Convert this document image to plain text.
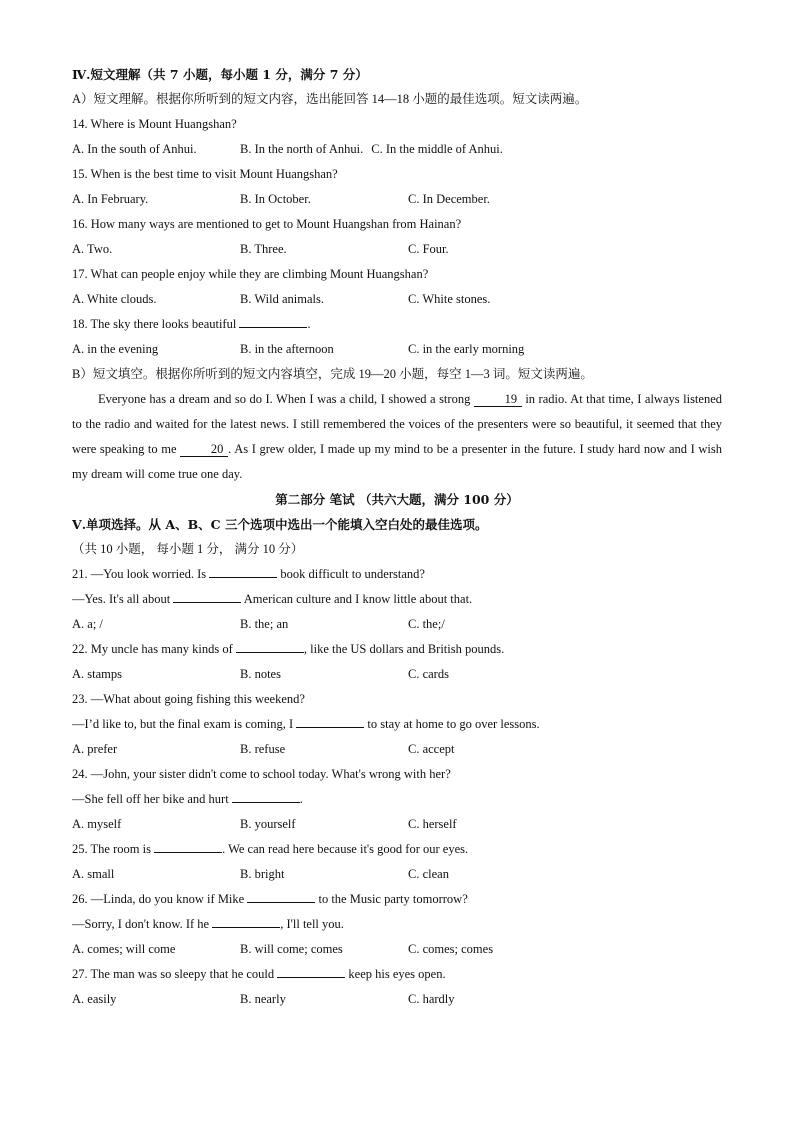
Ⅳ.短文理解（共 7 小题，每小题 1 分，满分 7 分）
A）短文理解。根据你所听到的短文内容，选出能回答 14—18 小题的最佳选项。短文读两遍。
14. Where is Mount Huangshan?
A. In the south of Anhui.	B. In the north of Anhui. C. In the middle of Anhui.
15. When is the best time to visit Mount Huangshan?
A. In February.	B. In October.	C. In December.
16. How many ways are mentioned to get to Mount Huangshan from Hainan?
A. Two.	B. Three.	C. Four.
17. What can people enjoy while they are climbing Mount Huangshan?
A. White clouds.	B. Wild animals.	C. White stones.
18. The sky there looks beautiful	.
A. in the evening	B. in the afternoon	C. in the early morning
B）短文填空。根据你所听到的短文内容填空，完成 19—20 小题，每空 1—3 词。短文读两遍。

Everyone has a dream and so do I. When I was a child, I showed a strong 19 in radio. At that time, I always listened to the radio and waited for the latest news. I still remembered the voices of the presenters were so beautiful, it seemed that they were speaking to me 20 . As I grew older, I made up my mind to be a presenter in the future. I study hard now and I wish my dream will come true one day.

第二部分 笔试 （共六大题，满分 100 分）
Ⅴ.单项选择。从 A、B、C 三个选项中选出一个能填入空白处的最佳选项。
（共 10 小题， 每小题 1 分， 满分 10 分）
21. —You look worried. Is	book difficult to understand?
—Yes. It's all about	American culture and I know little about that.
A. a; /	B. the; an	C. the;/
22. My uncle has many kinds of	, like the US dollars and British pounds.
A. stamps	B. notes	C. cards
23. —What about going fishing this weekend?
—I’d like to, but the final exam is coming, I	to stay at home to go over lessons.
A. prefer	B. refuse	C. accept
24. —John, your sister didn't come to school today. What's wrong with her?
—She fell off her bike and hurt	.
A. myself	B. yourself	C. herself
25. The room is	. We can read here because it's good for our eyes.
A. small	B. bright	C. clean
26. —Linda, do you know if Mike	to the Music party tomorrow?
—Sorry, I don't know. If he	, I'll tell you.
A. comes; will come	B. will come; comes	C. comes; comes
27. The man was so sleepy that he could	keep his eyes open.
A. easily	B. nearly	C. hardly
